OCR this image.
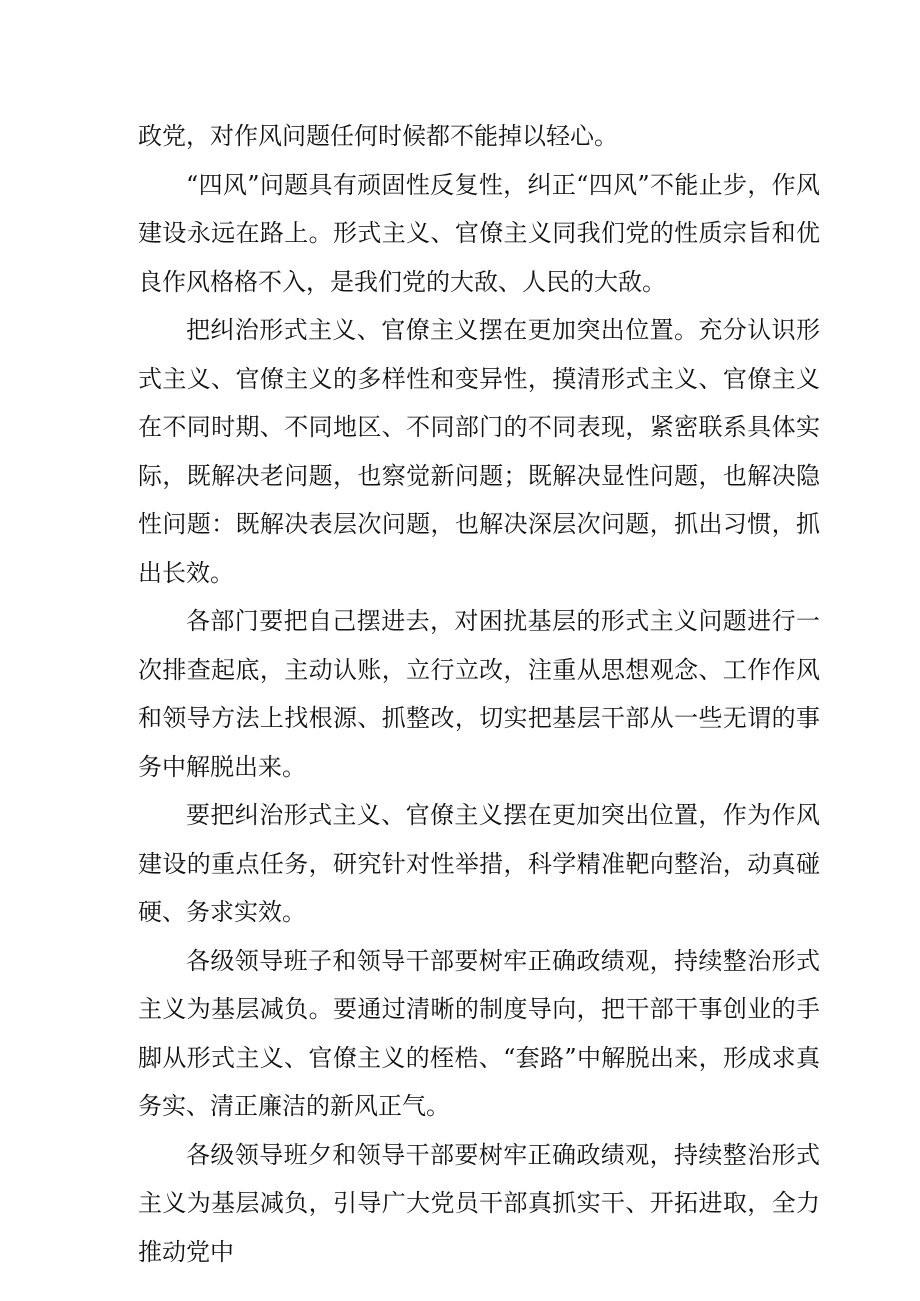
政党，对作风问题任何时候都不能掉以轻心。

“四风”问题具有顽固性反复性，纠正“四风”不能止步，作风建设永远在路上。形式主义、官僚主义同我们党的性质宗旨和优良作风格格不入，是我们党的大敌、人民的大敌。

把纠治形式主义、官僚主义摆在更加突出位置。充分认识形式主义、官僚主义的多样性和变异性，摸清形式主义、官僚主义在不同时期、不同地区、不同部门的不同表现，紧密联系具体实际，既解决老问题，也察觉新问题；既解决显性问题，也解决隐性问题：既解决表层次问题，也解决深层次问题，抓出习惯，抓出长效。

各部门要把自己摆进去，对困扰基层的形式主义问题进行一次排查起底，主动认账，立行立改，注重从思想观念、工作作风和领导方法上找根源、抓整改，切实把基层干部从一些无谓的事务中解脱出来。

要把纠治形式主义、官僚主义摆在更加突出位置，作为作风建设的重点任务，研究针对性举措，科学精准靶向整治，动真碰硬、务求实效。

各级领导班子和领导干部要树牢正确政绩观，持续整治形式主义为基层减负。要通过清晰的制度导向，把干部干事创业的手脚从形式主义、官僚主义的桎梏、“套路”中解脱出来，形成求真务实、清正廉洁的新风正气。

各级领导班夕和领导干部要树牢正确政绩观，持续整治形式主义为基层减负，引导广大党员干部真抓实干、开拓进取，全力推动党中
